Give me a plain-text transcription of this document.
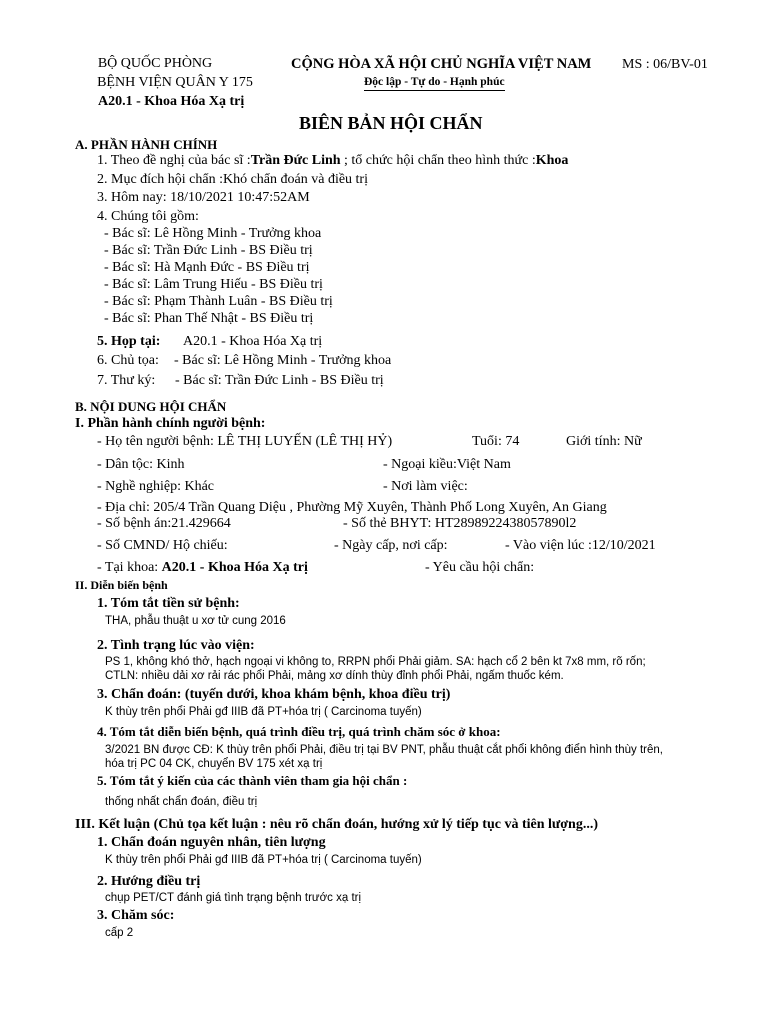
BỘ QUỐC PHÒNG
BỆNH VIỆN QUÂN Y 175
A20.1 - Khoa Hóa Xạ trị
CỘNG HÒA XÃ HỘI CHỦ NGHĨA VIỆT NAM
Độc lập - Tự do - Hạnh phúc
MS : 06/BV-01
BIÊN BẢN HỘI CHẨN
A. PHẦN HÀNH CHÍNH
1. Theo đề nghị của bác sĩ :Trần Đức Linh ; tổ chức hội chẩn theo hình thức :Khoa
2. Mục đích hội chẩn :Khó chẩn đoán và điều trị
3. Hôm nay: 18/10/2021 10:47:52AM
4. Chúng tôi gồm:
- Bác sĩ: Lê Hồng Minh - Trưởng khoa
- Bác sĩ: Trần Đức Linh - BS Điều trị
- Bác sĩ: Hà Mạnh Đức - BS Điều trị
- Bác sĩ: Lâm Trung Hiếu - BS Điều trị
- Bác sĩ: Phạm Thành Luân - BS Điều trị
- Bác sĩ: Phan Thế Nhật - BS Điều trị
5. Họp tại: A20.1 - Khoa Hóa Xạ trị
6. Chủ tọa: - Bác sĩ: Lê Hồng Minh - Trưởng khoa
7. Thư ký: - Bác sĩ: Trần Đức Linh - BS Điều trị
B. NỘI DUNG HỘI CHẨN
I. Phần hành chính người bệnh:
- Họ tên người bệnh: LÊ THỊ LUYẾN (LÊ THỊ HỶ)	Tuổi: 74	Giới tính: Nữ
- Dân tộc: Kinh	- Ngoại kiều:Việt Nam
- Nghề nghiệp: Khác	- Nơi làm việc:
- Địa chỉ: 205/4 Trần Quang Diệu , Phường Mỹ Xuyên, Thành Phố Long Xuyên, An Giang
- Số bệnh án:21.429664	- Số thẻ BHYT: HT2898922438057890l2
- Số CMND/ Hộ chiếu:	- Ngày cấp, nơi cấp:	- Vào viện lúc :12/10/2021
- Tại khoa: A20.1 - Khoa Hóa Xạ trị	- Yêu cầu hội chẩn:
II. Diễn biến bệnh
1. Tóm tắt tiền sử bệnh:
THA, phẫu thuật u xơ tử cung 2016
2. Tình trạng lúc vào viện:
PS 1, không khó thở, hạch ngoại vi không to, RRPN phổi Phải giảm. SA: hạch cổ 2 bên kt 7x8 mm, rõ rốn;
CTLN: nhiều dải xơ rải rác phổi Phải, mảng xơ dính thùy đỉnh phổi Phải, ngấm thuốc kém.
3. Chẩn đoán: (tuyến dưới, khoa khám bệnh, khoa điều trị)
K thùy trên phổi Phải gđ IIIB đã PT+hóa trị ( Carcinoma tuyến)
4. Tóm tắt diễn biến bệnh, quá trình điều trị, quá trình chăm sóc ở khoa:
3/2021 BN được CĐ: K thùy trên phổi Phải, điều trị tại BV PNT, phẫu thuật cắt phổi không điển hình thùy trên,
hóa trị PC 04 CK, chuyển BV 175 xét xạ trị
5. Tóm tắt ý kiến của các thành viên tham gia hội chẩn :
thống nhất chẩn đoán, điều trị
III. Kết luận (Chủ tọa kết luận : nêu rõ chẩn đoán, hướng xử lý tiếp tục và tiên lượng...)
1. Chẩn đoán nguyên nhân, tiên lượng
K thùy trên phổi Phải gđ IIIB đã PT+hóa trị ( Carcinoma tuyến)
2. Hướng điều trị
chụp PET/CT đánh giá tình trạng bệnh trước xạ trị
3. Chăm sóc:
cấp 2
